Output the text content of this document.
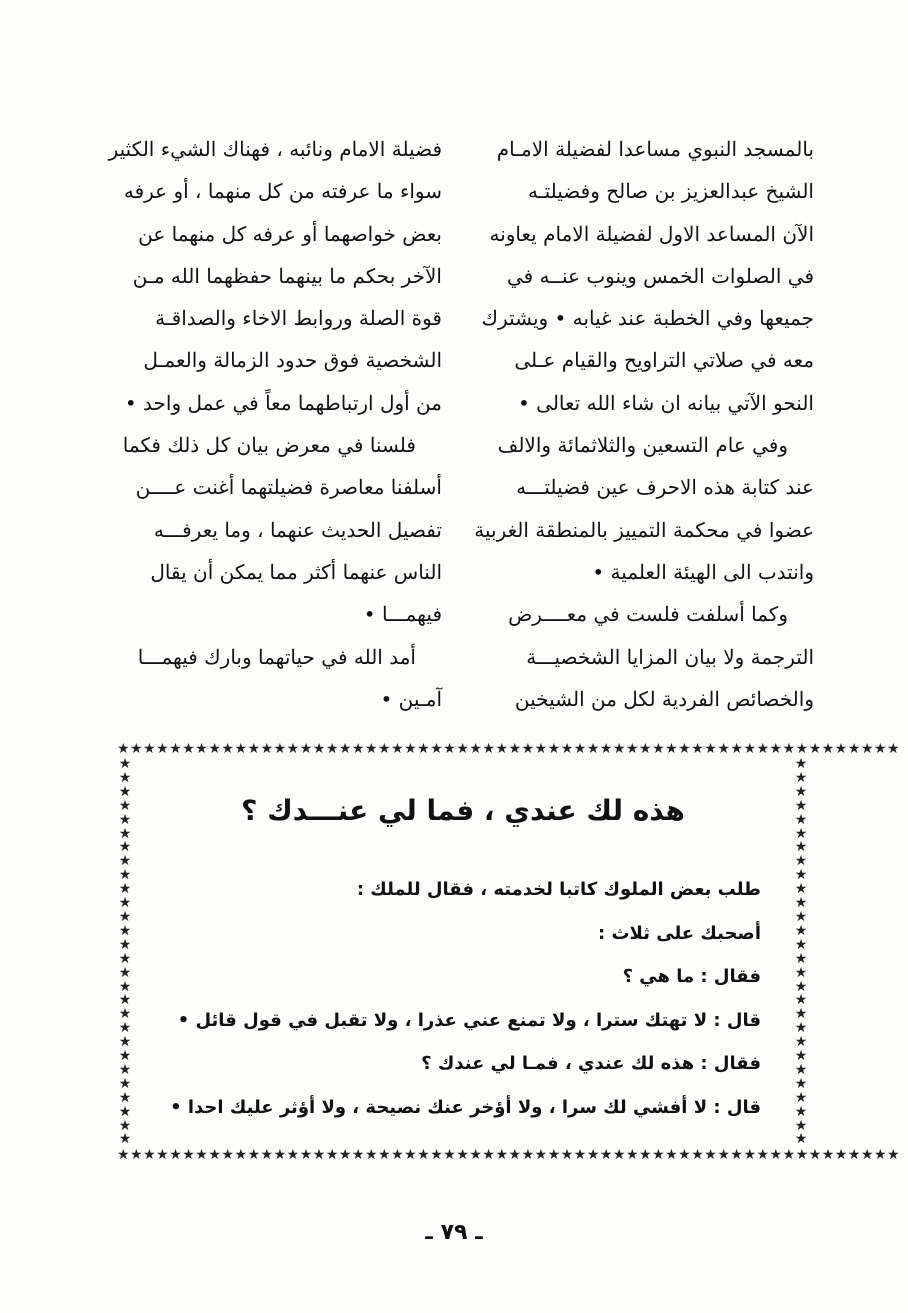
بالمسجد النبوي مساعدا لفضيلة الامـام

الشيخ عبدالعزيز بن صالح وفضيلتـه

الآن المساعد الاول لفضيلة الامام يعاونه

في الصلوات الخمس وينوب عنــه في

جميعها وفي الخطبة عند غيابه • ويشترك

معه في صلاتي التراويح والقيام عـلى

النحو الآتي بيانه ان شاء الله تعالى •

وفي عام التسعين والثلاثمائة والالف

عند كتابة هذه الاحرف عين فضيلتـــه

عضوا في محكمة التمييز بالمنطقة الغربية

وانتدب الى الهيئة العلمية •

وكما أسلفت فلست في معــــرض

الترجمة ولا بيان المزايا الشخصيـــة

والخصائص الفردية لكل من الشيخين

فضيلة الامام ونائبه ، فهناك الشيء الكثير

سواء ما عرفته من كل منهما ، أو عرفه

بعض خواصهما أو عرفه كل منهما عن

الآخر بحكم ما بينهما حفظهما الله مـن

قوة الصلة وروابط الاخاء والصداقـة

الشخصية فوق حدود الزمالة والعمـل

من أول ارتباطهما معاً في عمل واحد •

فلسنا في معرض بيان كل ذلك فكما

أسلفنا معاصرة فضيلتهما أغنت عــــن

تفصيل الحديث عنهما ، وما يعرفـــه

الناس عنهما أكثر مما يمكن أن يقال

فيهمـــا •

أمد الله في حياتهما وبارك فيهمـــا

آمـين •

★★★★★★★★★★★★★★★★★★★★★★★★★★★★★★★★★★★★★★★★★★★★★★★★★★★★★★★★★★★★
★★★★★★★★★★★★★★★★★★★★★★★★★★★★★★★★★★★★★★★★★★★★★★★★★★★★★★★★★★★★
★★★★★★★★★★★★★★★★★★★★★★★★★★★★
★★★★★★★★★★★★★★★★★★★★★★★★★★★★
هذه لك عندي ، فما لي عنـــدك ؟

طلب بعض الملوك كاتبا لخدمته ، فقال للملك :

أصحبك على ثلاث :

فقال : ما هي ؟

قال : لا تهتك سترا ، ولا تمنع عني عذرا ، ولا تقبل في قول قائل •

فقال : هذه لك عندي ، فمـا لي عندك ؟

قال : لا أفشي لك سرا ، ولا أؤخر عنك نصيحة ، ولا أؤثر عليك احدا •

ـ ٧٩ ـ
